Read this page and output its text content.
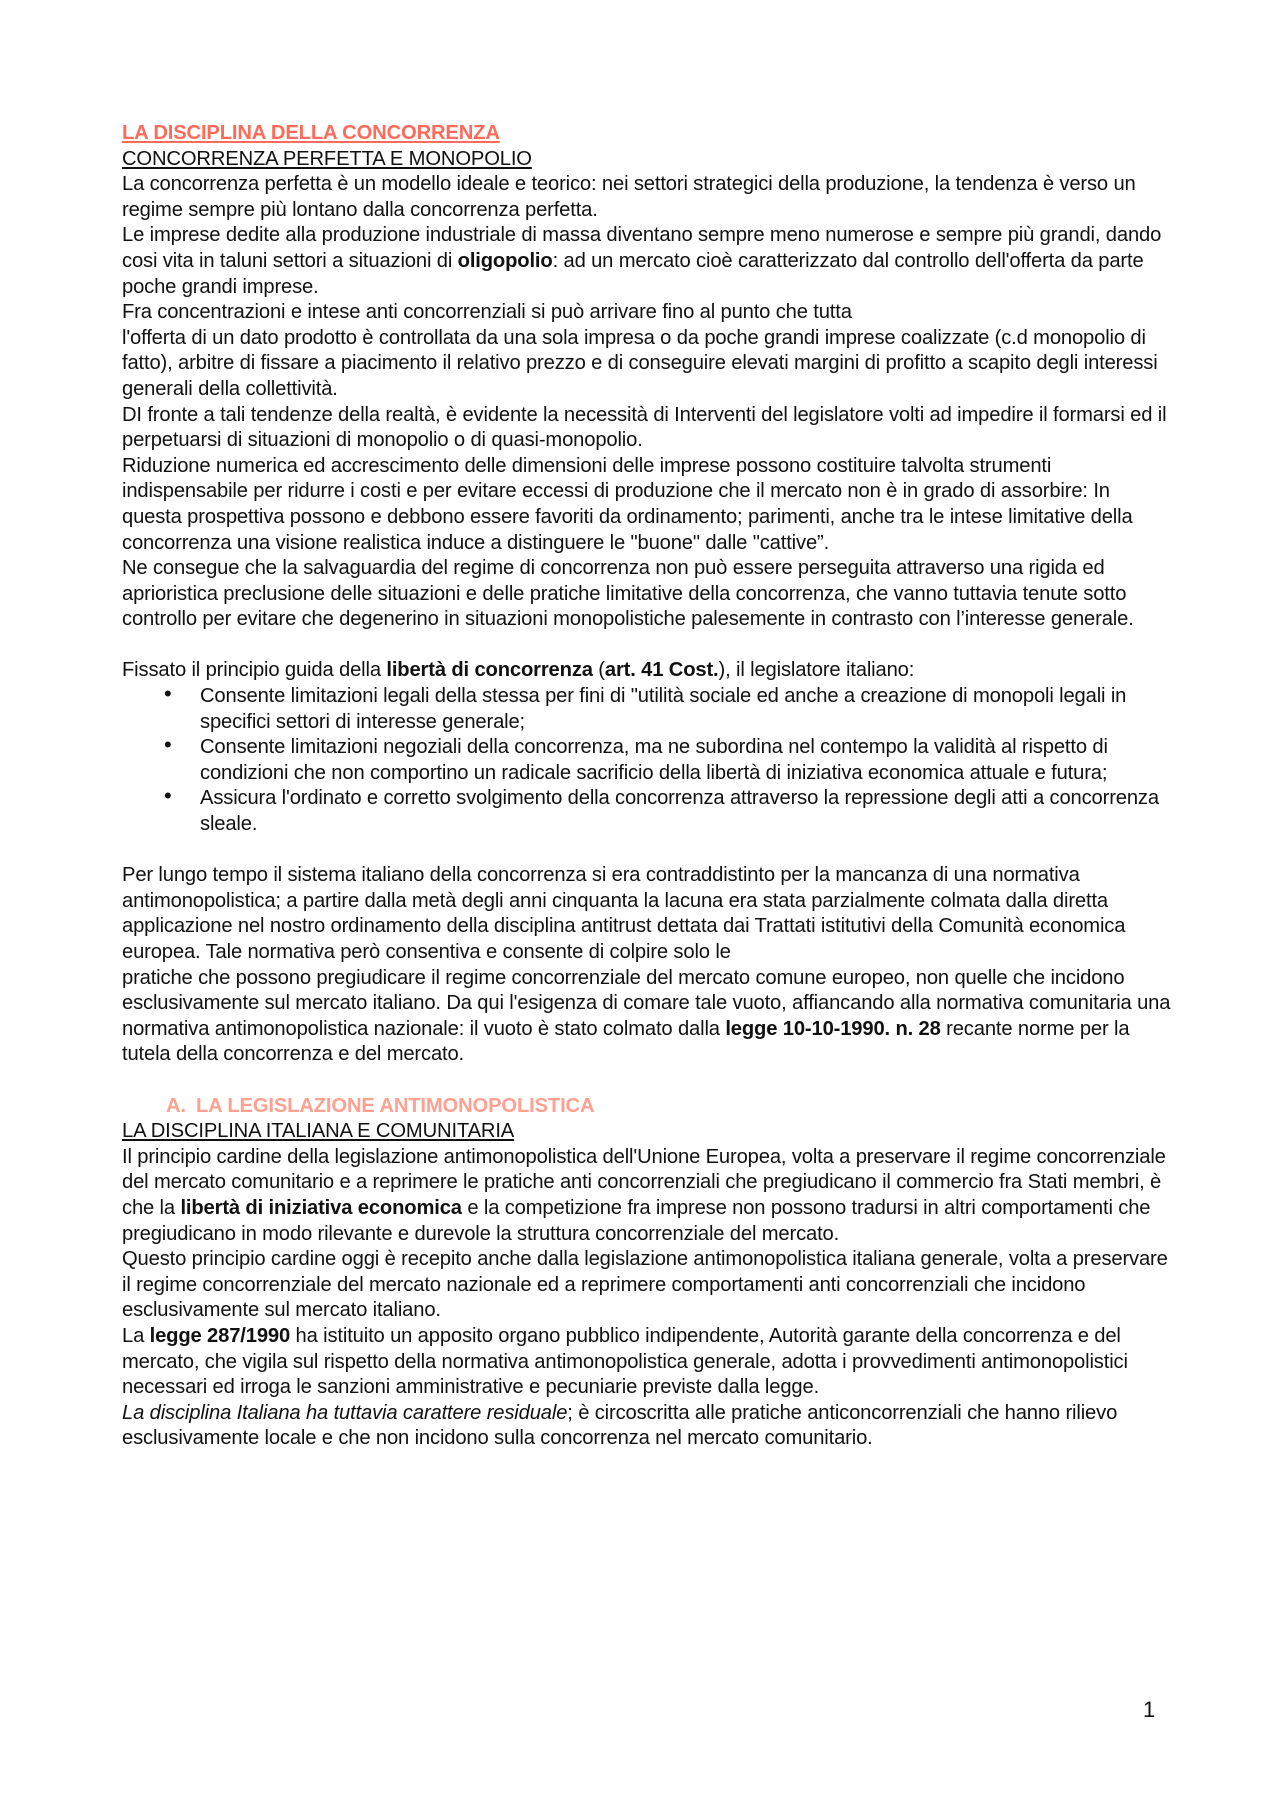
LA DISCIPLINA DELLA CONCORRENZA
CONCORRENZA PERFETTA E MONOPOLIO

La concorrenza perfetta è un modello ideale e teorico: nei settori strategici della produzione, la tendenza è verso un regime sempre più lontano dalla concorrenza perfetta.

Le imprese dedite alla produzione industriale di massa diventano sempre meno numerose e sempre più grandi, dando cosi vita in taluni settori a situazioni di oligopolio: ad un mercato cioè caratterizzato dal controllo dell'offerta da parte poche grandi imprese.

Fra concentrazioni e intese anti concorrenziali si può arrivare fino al punto che tutta

l'offerta di un dato prodotto è controllata da una sola impresa o da poche grandi imprese coalizzate (c.d monopolio di fatto), arbitre di fissare a piacimento il relativo prezzo e di conseguire elevati margini di profitto a scapito degli interessi generali della collettività.

DI fronte a tali tendenze della realtà, è evidente la necessità di Interventi del legislatore volti ad impedire il formarsi ed il perpetuarsi di situazioni di monopolio o di quasi-monopolio.

Riduzione numerica ed accrescimento delle dimensioni delle imprese possono costituire talvolta strumenti indispensabile per ridurre i costi e per evitare eccessi di produzione che il mercato non è in grado di assorbire: In questa prospettiva possono e debbono essere favoriti da ordinamento; parimenti, anche tra le intese limitative della concorrenza una visione realistica induce a distinguere le "buone" dalle "cattive”.

Ne consegue che la salvaguardia del regime di concorrenza non può essere perseguita attraverso una rigida ed aprioristica preclusione delle situazioni e delle pratiche limitative della concorrenza, che vanno tuttavia tenute sotto controllo per evitare che degenerino in situazioni monopolistiche palesemente in contrasto con l’interesse generale.

Fissato il principio guida della libertà di concorrenza (art. 41 Cost.), il legislatore italiano:

• Consente limitazioni legali della stessa per fini di "utilità sociale ed anche a creazione di monopoli legali in specifici settori di interesse generale;
• Consente limitazioni negoziali della concorrenza, ma ne subordina nel contempo la validità al rispetto di condizioni che non comportino un radicale sacrificio della libertà di iniziativa economica attuale e futura;
• Assicura l'ordinato e corretto svolgimento della concorrenza attraverso la repressione degli atti a concorrenza sleale.

Per lungo tempo il sistema italiano della concorrenza si era contraddistinto per la mancanza di una normativa antimonopolistica; a partire dalla metà degli anni cinquanta la lacuna era stata parzialmente colmata dalla diretta applicazione nel nostro ordinamento della disciplina antitrust dettata dai Trattati istitutivi della Comunità economica europea. Tale normativa però consentiva e consente di colpire solo le

pratiche che possono pregiudicare il regime concorrenziale del mercato comune europeo, non quelle che incidono esclusivamente sul mercato italiano. Da qui l'esigenza di comare tale vuoto, affiancando alla normativa comunitaria una normativa antimonopolistica nazionale: il vuoto è stato colmato dalla legge 10-10-1990. n. 28 recante norme per la tutela della concorrenza e del mercato.

A. LA LEGISLAZIONE ANTIMONOPOLISTICA
LA DISCIPLINA ITALIANA E COMUNITARIA

Il principio cardine della legislazione antimonopolistica dell'Unione Europea, volta a preservare il regime concorrenziale del mercato comunitario e a reprimere le pratiche anti concorrenziali che pregiudicano il commercio fra Stati membri, è che la libertà di iniziativa economica e la competizione fra imprese non possono tradursi in altri comportamenti che pregiudicano in modo rilevante e durevole la struttura concorrenziale del mercato.

Questo principio cardine oggi è recepito anche dalla legislazione antimonopolistica italiana generale, volta a preservare il regime concorrenziale del mercato nazionale ed a reprimere comportamenti anti concorrenziali che incidono esclusivamente sul mercato italiano.

La legge 287/1990 ha istituito un apposito organo pubblico indipendente, Autorità garante della concorrenza e del mercato, che vigila sul rispetto della normativa antimonopolistica generale, adotta i provvedimenti antimonopolistici necessari ed irroga le sanzioni amministrative e pecuniarie previste dalla legge.

La disciplina Italiana ha tuttavia carattere residuale; è circoscritta alle pratiche anticoncorrenziali che hanno rilievo esclusivamente locale e che non incidono sulla concorrenza nel mercato comunitario.

1
